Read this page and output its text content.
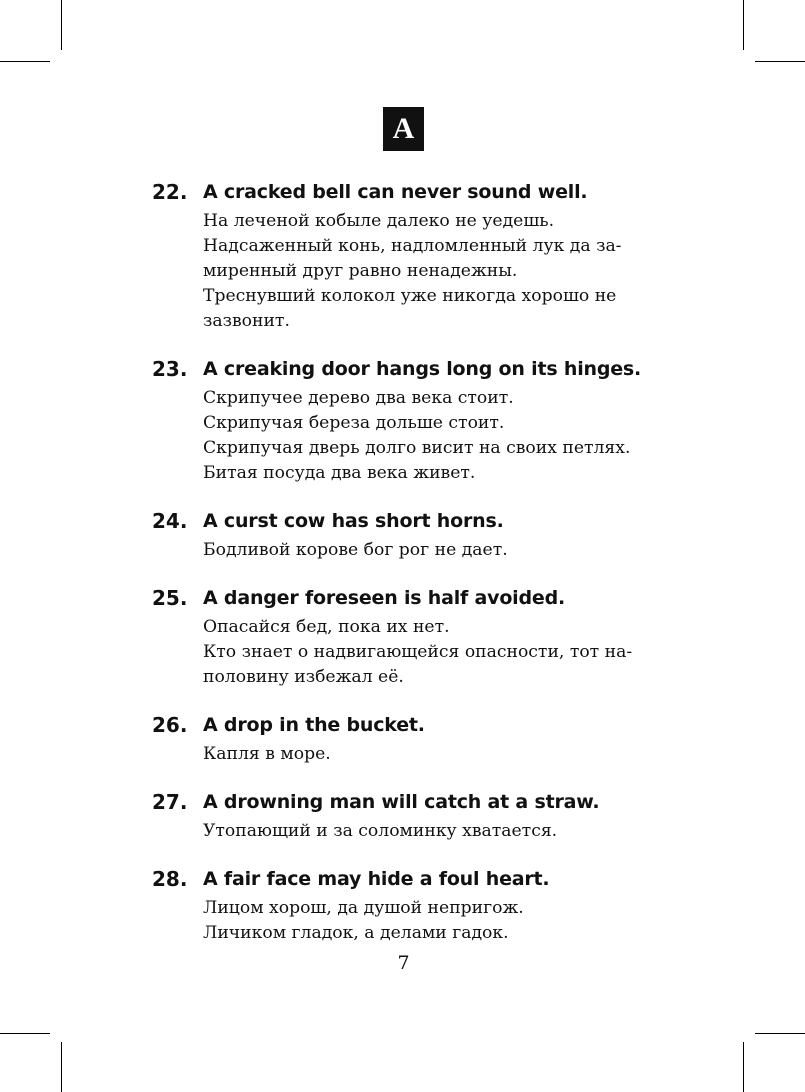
A
22. A cracked bell can never sound well.
На леченой кобыле далеко не уедешь.
Надсаженный конь, надломленный лук да за-
миренный друг равно ненадежны.
Треснувший колокол уже никогда хорошо не
зазвонит.
23. A creaking door hangs long on its hinges.
Скрипучее дерево два века стоит.
Скрипучая береза дольше стоит.
Скрипучая дверь долго висит на своих петлях.
Битая посуда два века живет.
24. A curst cow has short horns.
Бодливой корове бог рог не дает.
25. A danger foreseen is half avoided.
Опасайся бед, пока их нет.
Кто знает о надвигающейся опасности, тот на-
половину избежал её.
26. A drop in the bucket.
Капля в море.
27. A drowning man will catch at a straw.
Утопающий и за соломинку хватается.
28. A fair face may hide a foul heart.
Лицом хорош, да душой непригож.
Личиком гладок, а делами гадок.
7
